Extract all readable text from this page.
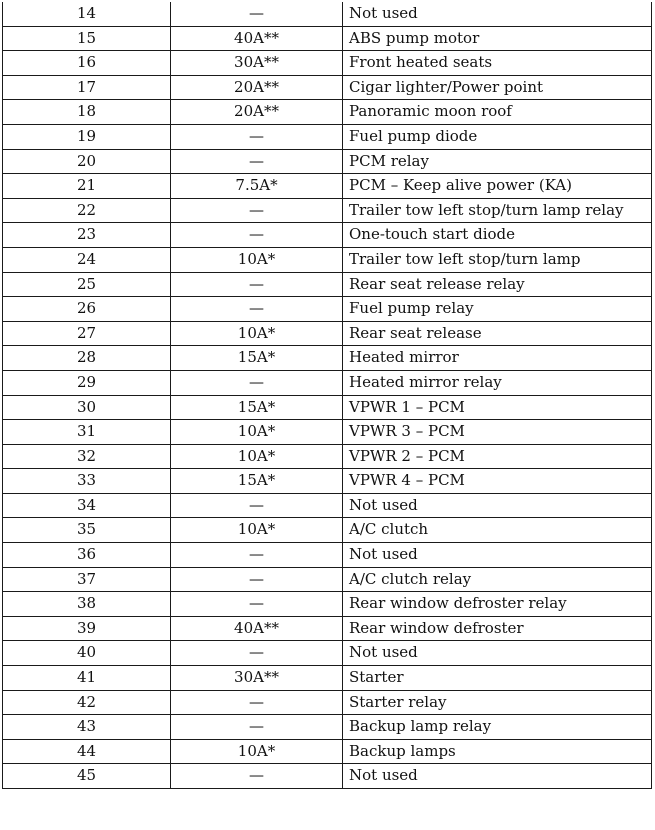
14	—	Not used
15	40A**	ABS pump motor
16	30A**	Front heated seats
17	20A**	Cigar lighter/Power point
18	20A**	Panoramic moon roof
19	—	Fuel pump diode
20	—	PCM relay
21	7.5A*	PCM – Keep alive power (KA)
22	—	Trailer tow left stop/turn lamp relay
23	—	One-touch start diode
24	10A*	Trailer tow left stop/turn lamp
25	—	Rear seat release relay
26	—	Fuel pump relay
27	10A*	Rear seat release
28	15A*	Heated mirror
29	—	Heated mirror relay
30	15A*	VPWR 1 – PCM
31	10A*	VPWR 3 – PCM
32	10A*	VPWR 2 – PCM
33	15A*	VPWR 4 – PCM
34	—	Not used
35	10A*	A/C clutch
36	—	Not used
37	—	A/C clutch relay
38	—	Rear window defroster relay
39	40A**	Rear window defroster
40	—	Not used
41	30A**	Starter
42	—	Starter relay
43	—	Backup lamp relay
44	10A*	Backup lamps
45	—	Not used
